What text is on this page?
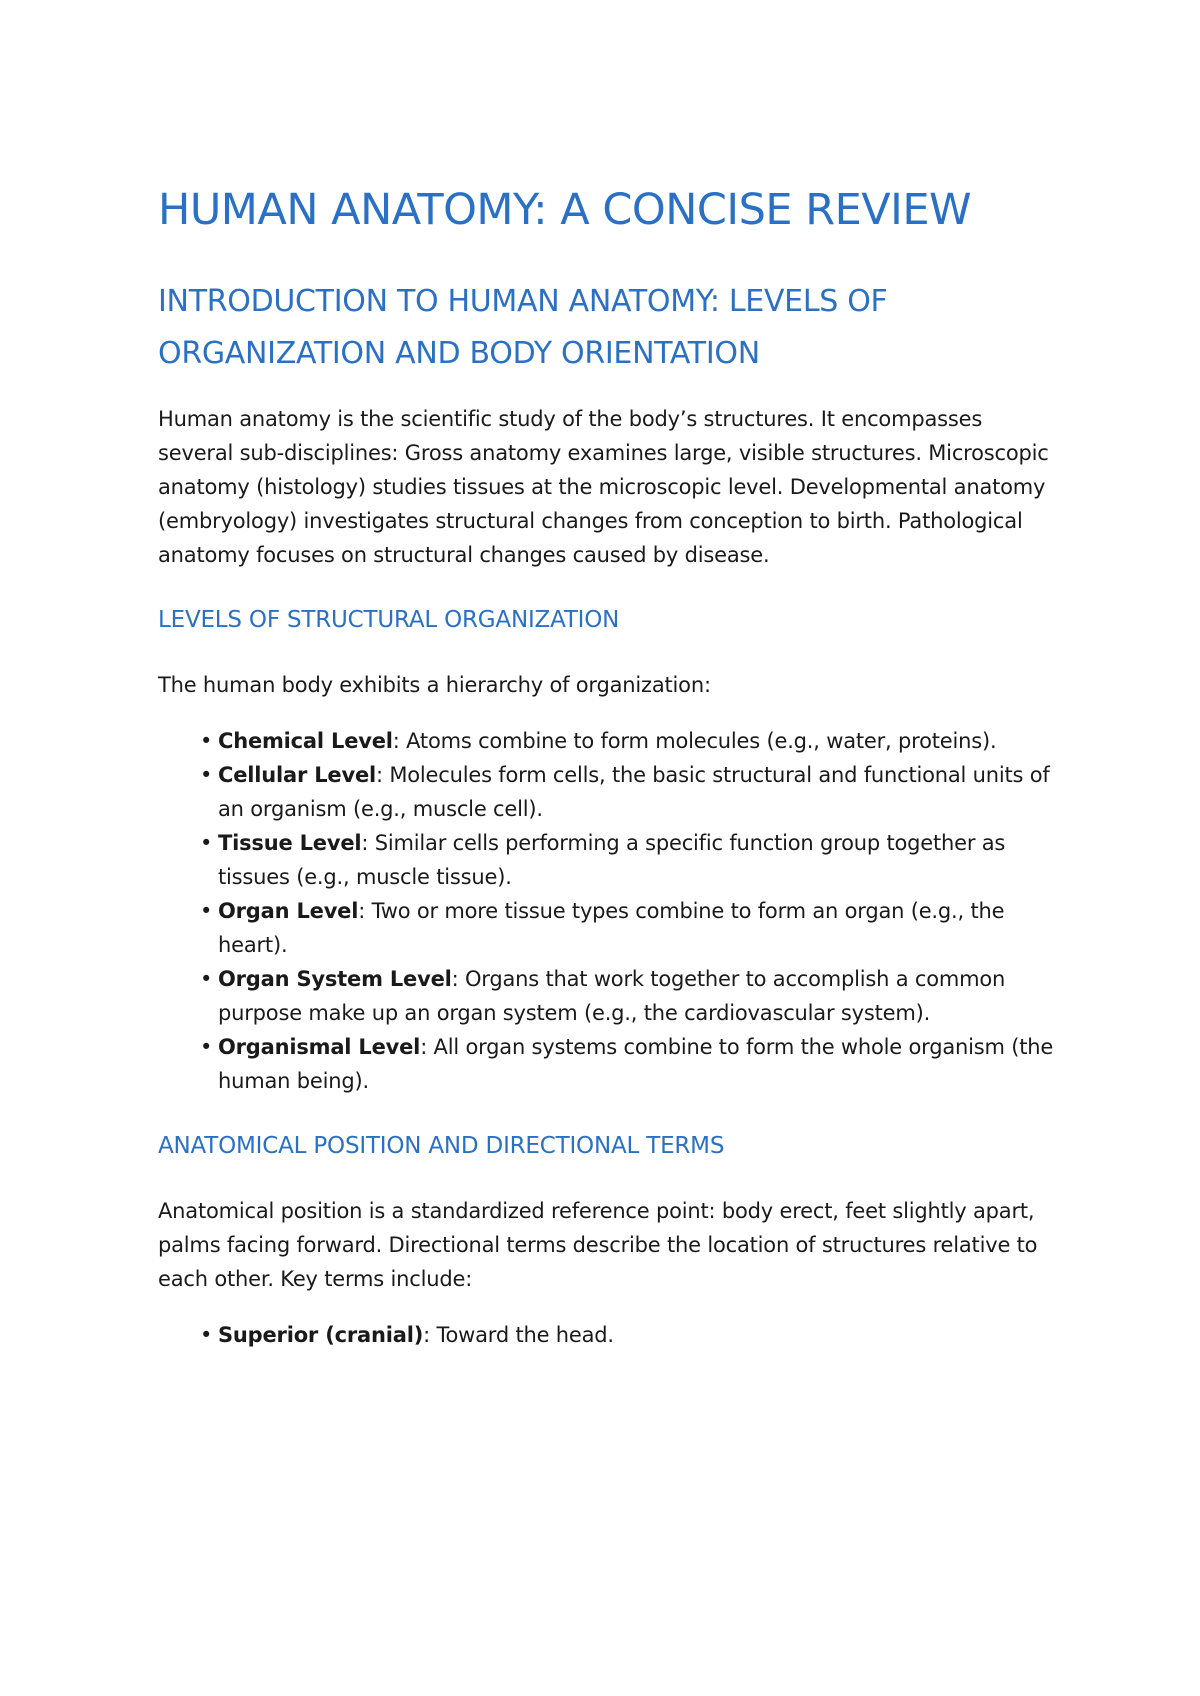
HUMAN ANATOMY: A CONCISE REVIEW
INTRODUCTION TO HUMAN ANATOMY: LEVELS OF ORGANIZATION AND BODY ORIENTATION

Human anatomy is the scientific study of the body’s structures. It encompasses several sub-disciplines: Gross anatomy examines large, visible structures. Microscopic anatomy (histology) studies tissues at the microscopic level. Developmental anatomy (embryology) investigates structural changes from conception to birth. Pathological anatomy focuses on structural changes caused by disease.

LEVELS OF STRUCTURAL ORGANIZATION

The human body exhibits a hierarchy of organization:

• Chemical Level: Atoms combine to form molecules (e.g., water, proteins).
• Cellular Level: Molecules form cells, the basic structural and functional units of an organism (e.g., muscle cell).
• Tissue Level: Similar cells performing a specific function group together as tissues (e.g., muscle tissue).
• Organ Level: Two or more tissue types combine to form an organ (e.g., the heart).
• Organ System Level: Organs that work together to accomplish a common purpose make up an organ system (e.g., the cardiovascular system).
• Organismal Level: All organ systems combine to form the whole organism (the human being).
ANATOMICAL POSITION AND DIRECTIONAL TERMS

Anatomical position is a standardized reference point: body erect, feet slightly apart, palms facing forward. Directional terms describe the location of structures relative to each other. Key terms include:

• Superior (cranial): Toward the head.
